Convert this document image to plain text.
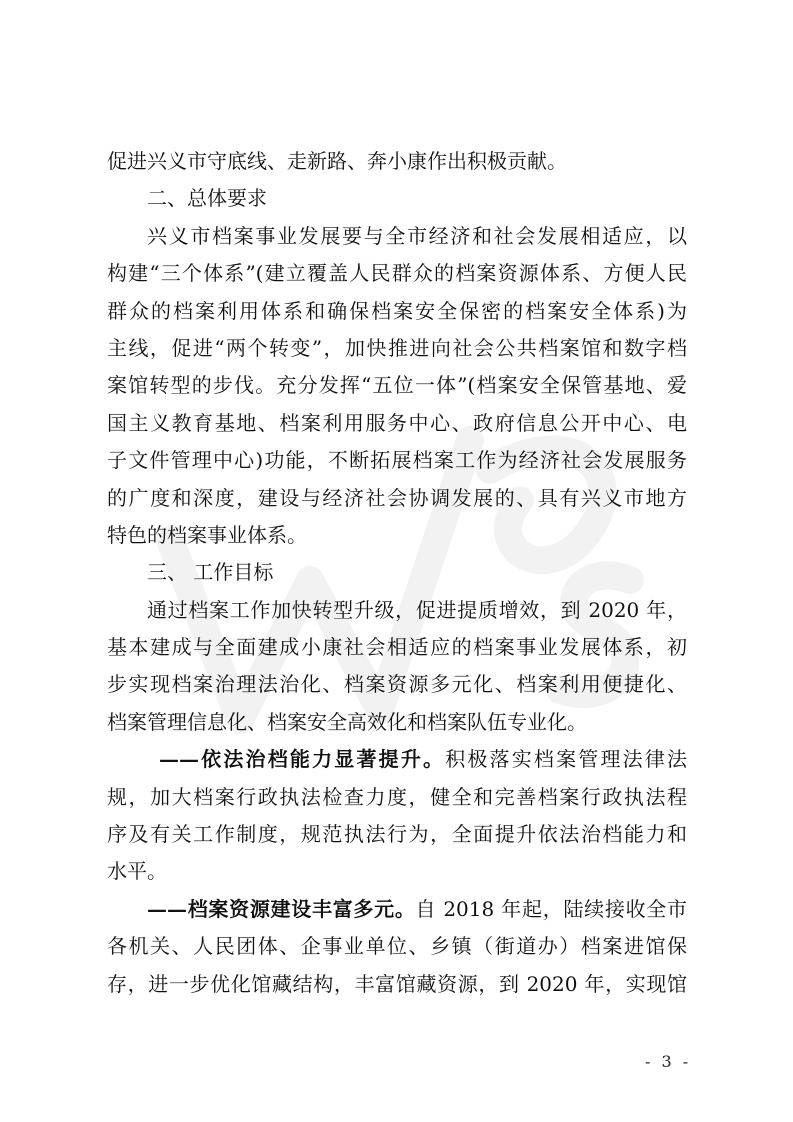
促进兴义市守底线、走新路、奔小康作出积极贡献。
二、总体要求
兴义市档案事业发展要与全市经济和社会发展相适应，以
构建“三个体系”(建立覆盖人民群众的档案资源体系、方便人民
群众的档案利用体系和确保档案安全保密的档案安全体系)为
主线，促进“两个转变”，加快推进向社会公共档案馆和数字档
案馆转型的步伐。充分发挥“五位一体”(档案安全保管基地、爱
国主义教育基地、档案利用服务中心、政府信息公开中心、电
子文件管理中心)功能，不断拓展档案工作为经济社会发展服务
的广度和深度，建设与经济社会协调发展的、具有兴义市地方
特色的档案事业体系。
三、 工作目标
通过档案工作加快转型升级，促进提质增效，到 2020 年，
基本建成与全面建成小康社会相适应的档案事业发展体系，初
步实现档案治理法治化、档案资源多元化、档案利用便捷化、
档案管理信息化、档案安全高效化和档案队伍专业化。
——依法治档能力显著提升。积极落实档案管理法律法
规，加大档案行政执法检查力度，健全和完善档案行政执法程
序及有关工作制度，规范执法行为，全面提升依法治档能力和
水平。
——档案资源建设丰富多元。自 2018 年起，陆续接收全市
各机关、人民团体、企事业单位、乡镇（街道办）档案进馆保
存，进一步优化馆藏结构，丰富馆藏资源，到 2020 年，实现馆
- 3 -
